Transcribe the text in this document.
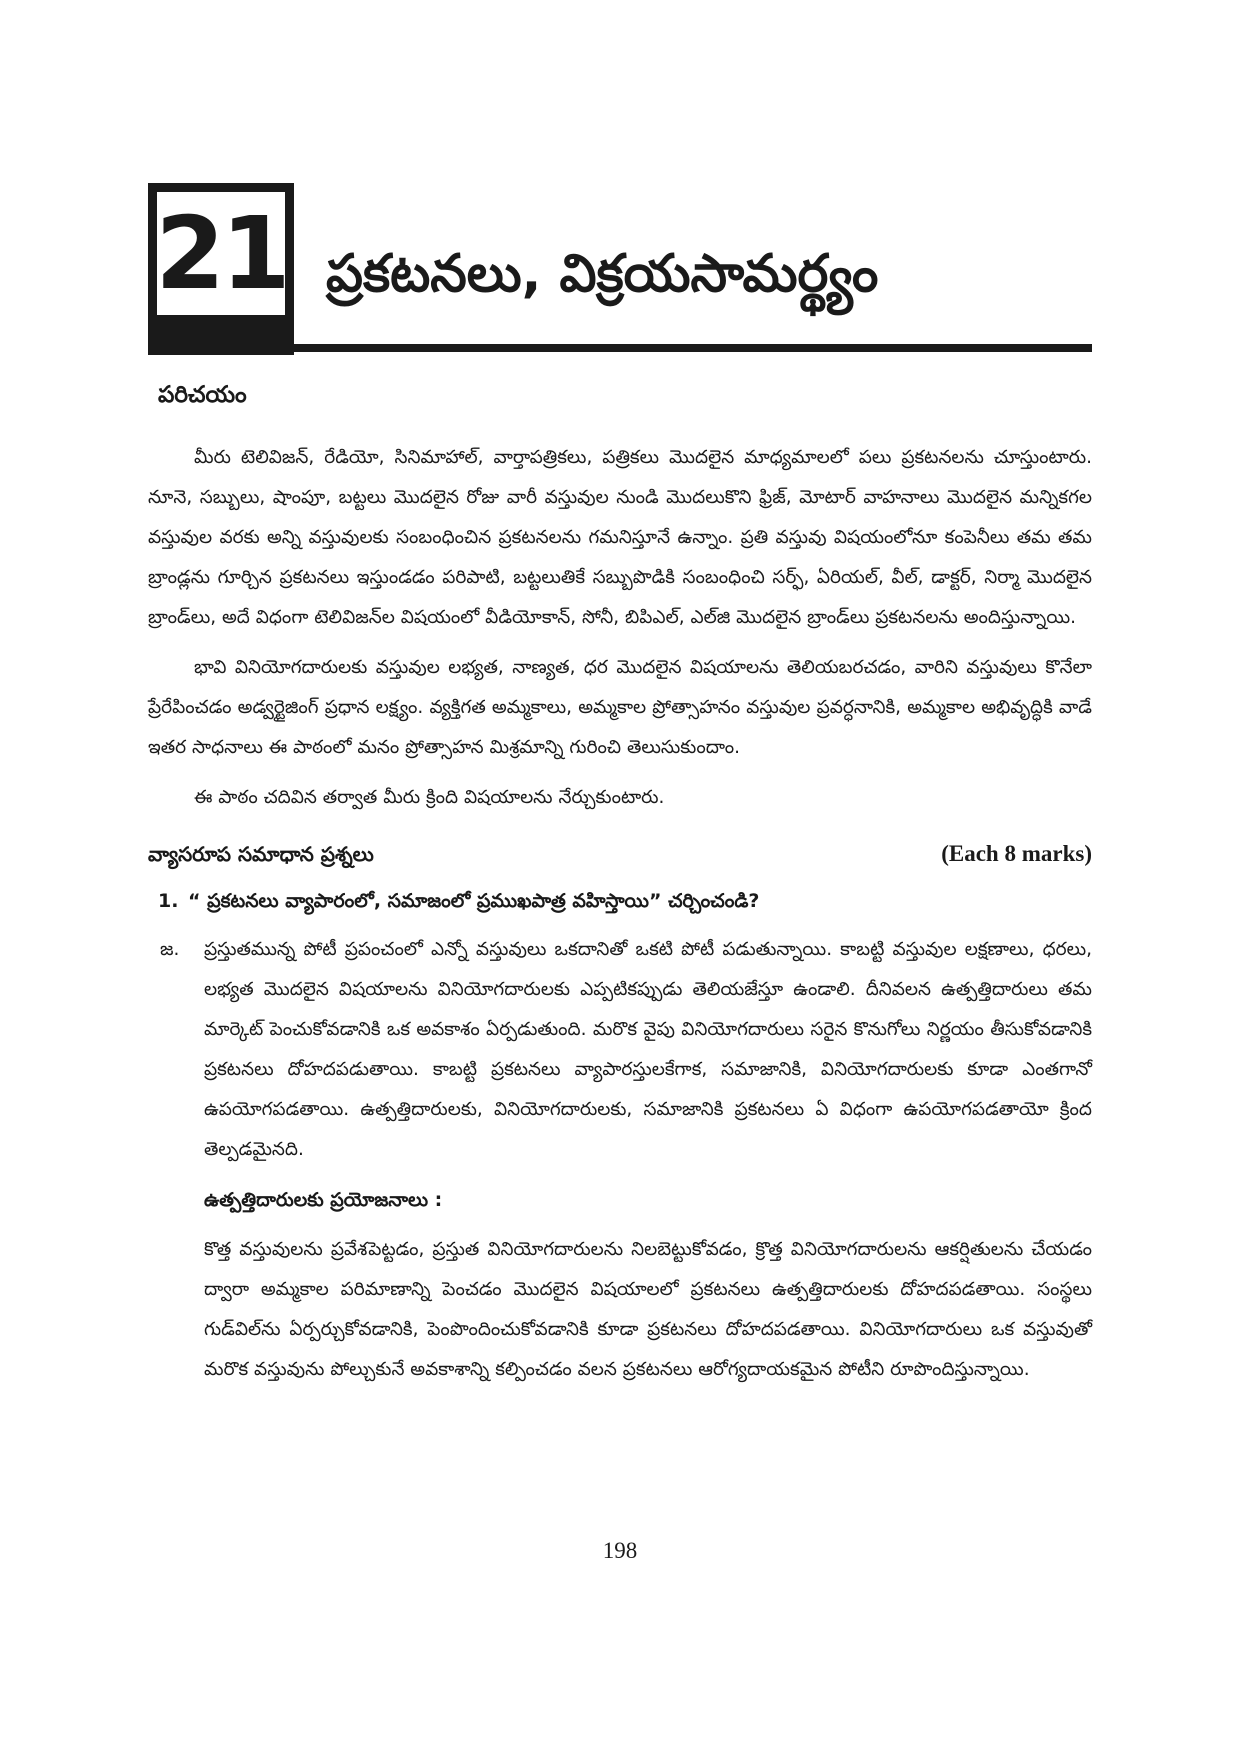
21 ప్రకటనలు, విక్రయసామర్థ్యం
పరిచయం

మీరు టెలివిజన్, రేడియో, సినిమాహాల్, వార్తాపత్రికలు, పత్రికలు మొదలైన మాధ్యమాలలో పలు ప్రకటనలను చూస్తుంటారు. నూనె, సబ్బులు, షాంపూ, బట్టలు మొదలైన రోజు వారీ వస్తువుల నుండి మొదలుకొని ఫ్రిజ్, మోటార్ వాహనాలు మొదలైన మన్నికగల వస్తువుల వరకు అన్ని వస్తువులకు సంబంధించిన ప్రకటనలను గమనిస్తూనే ఉన్నాం. ప్రతి వస్తువు విషయంలోనూ కంపెనీలు తమ తమ బ్రాండ్లను గూర్చిన ప్రకటనలు ఇస్తుండడం పరిపాటి, బట్టలుతికే సబ్బుపొడికి సంబంధించి సర్ఫ్, ఏరియల్, వీల్, డాక్టర్, నిర్మా మొదలైన బ్రాండ్‌లు, అదే విధంగా టెలివిజన్‌ల విషయంలో వీడియోకాన్, సోనీ, బిపిఎల్, ఎల్‌జి మొదలైన బ్రాండ్‌లు ప్రకటనలను అందిస్తున్నాయి.

భావి వినియోగదారులకు వస్తువుల లభ్యత, నాణ్యత, ధర మొదలైన విషయాలను తెలియబరచడం, వారిని వస్తువులు కొనేలా ప్రేరేపించడం అడ్వర్టైజింగ్ ప్రధాన లక్ష్యం. వ్యక్తిగత అమ్మకాలు, అమ్మకాల ప్రోత్సాహనం వస్తువుల ప్రవర్ధనానికి, అమ్మకాల అభివృద్ధికి వాడే ఇతర సాధనాలు ఈ పాఠంలో మనం ప్రోత్సాహన మిశ్రమాన్ని గురించి తెలుసుకుందాం.

ఈ పాఠం చదివిన తర్వాత మీరు క్రింది విషయాలను నేర్చుకుంటారు.

వ్యాసరూప సమాధాన ప్రశ్నలు	(Each 8 marks)
1. “ ప్రకటనలు వ్యాపారంలో, సమాజంలో ప్రముఖపాత్ర వహిస్తాయి” చర్చించండి?
జ.	ప్రస్తుతమున్న పోటీ ప్రపంచంలో ఎన్నో వస్తువులు ఒకదానితో ఒకటి పోటీ పడుతున్నాయి. కాబట్టి వస్తువుల లక్షణాలు, ధరలు, లభ్యత మొదలైన విషయాలను వినియోగదారులకు ఎప్పటికప్పుడు తెలియజేస్తూ ఉండాలి. దీనివలన ఉత్పత్తిదారులు తమ మార్కెట్ పెంచుకోవడానికి ఒక అవకాశం ఏర్పడుతుంది. మరొక వైపు వినియోగదారులు సరైన కొనుగోలు నిర్ణయం తీసుకోవడానికి ప్రకటనలు దోహదపడుతాయి. కాబట్టి ప్రకటనలు వ్యాపారస్తులకేగాక, సమాజానికి, వినియోగదారులకు కూడా ఎంతగానో ఉపయోగపడతాయి. ఉత్పత్తిదారులకు, వినియోగదారులకు, సమాజానికి ప్రకటనలు ఏ విధంగా ఉపయోగపడతాయో క్రింద తెల్పడమైనది.

ఉత్పత్తిదారులకు ప్రయోజనాలు :

కొత్త వస్తువులను ప్రవేశపెట్టడం, ప్రస్తుత వినియోగదారులను నిలబెట్టుకోవడం, క్రొత్త వినియోగదారులను ఆకర్షితులను చేయడం ద్వారా అమ్మకాల పరిమాణాన్ని పెంచడం మొదలైన విషయాలలో ప్రకటనలు ఉత్పత్తిదారులకు దోహదపడతాయి. సంస్థలు గుడ్‌విల్‌ను ఏర్పర్చుకోవడానికి, పెంపొందించుకోవడానికి కూడా ప్రకటనలు దోహదపడతాయి. వినియోగదారులు ఒక వస్తువుతో మరొక వస్తువును పోల్చుకునే అవకాశాన్ని కల్పించడం వలన ప్రకటనలు ఆరోగ్యదాయకమైన పోటీని రూపొందిస్తున్నాయి.

198
